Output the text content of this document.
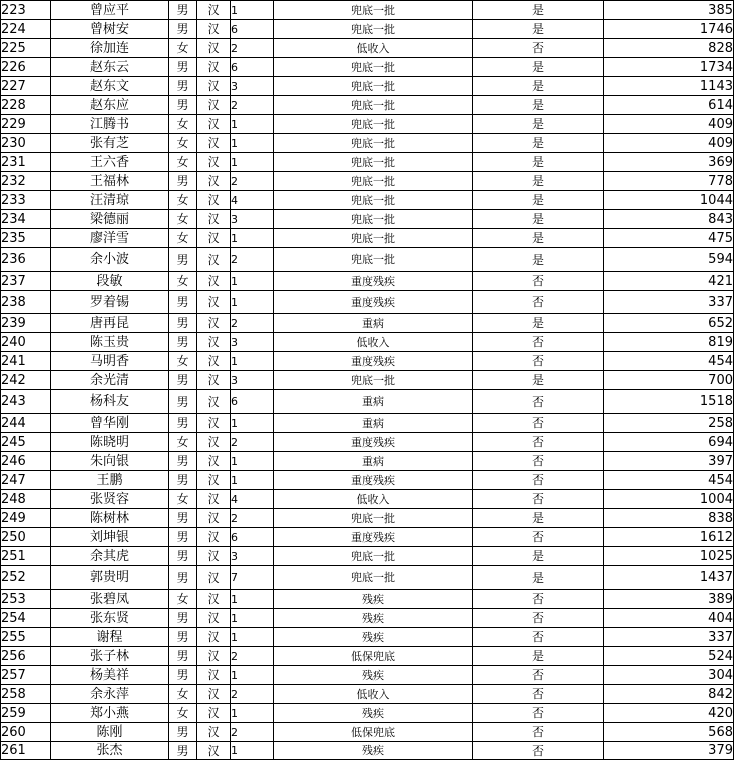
223	曾应平	男	汉	1	兜底一批	是	385
224	曾树安	男	汉	6	兜底一批	是	1746
225	徐加连	女	汉	2	低收入	否	828
226	赵东云	男	汉	6	兜底一批	是	1734
227	赵东文	男	汉	3	兜底一批	是	1143
228	赵东应	男	汉	2	兜底一批	是	614
229	江腾书	女	汉	1	兜底一批	是	409
230	张有芝	女	汉	1	兜底一批	是	409
231	王六香	女	汉	1	兜底一批	是	369
232	王福林	男	汉	2	兜底一批	是	778
233	汪清琼	女	汉	4	兜底一批	是	1044
234	梁德丽	女	汉	3	兜底一批	是	843
235	廖洋雪	女	汉	1	兜底一批	是	475
236	余小波	男	汉	2	兜底一批	是	594
237	段敏	女	汉	1	重度残疾	否	421
238	罗着锡	男	汉	1	重度残疾	否	337
239	唐再昆	男	汉	2	重病	是	652
240	陈玉贵	男	汉	3	低收入	否	819
241	马明香	女	汉	1	重度残疾	否	454
242	余光清	男	汉	3	兜底一批	是	700
243	杨科友	男	汉	6	重病	否	1518
244	曾华刚	男	汉	1	重病	否	258
245	陈晓明	女	汉	2	重度残疾	否	694
246	朱向银	男	汉	1	重病	否	397
247	王鹏	男	汉	1	重度残疾	否	454
248	张贤容	女	汉	4	低收入	否	1004
249	陈树林	男	汉	2	兜底一批	是	838
250	刘坤银	男	汉	6	重度残疾	否	1612
251	余其虎	男	汉	3	兜底一批	是	1025
252	郭贵明	男	汉	7	兜底一批	是	1437
253	张碧凤	女	汉	1	残疾	否	389
254	张东贤	男	汉	1	残疾	否	404
255	谢程	男	汉	1	残疾	否	337
256	张子林	男	汉	2	低保兜底	是	524
257	杨美祥	男	汉	1	残疾	否	304
258	余永萍	女	汉	2	低收入	否	842
259	郑小燕	女	汉	1	残疾	否	420
260	陈刚	男	汉	2	低保兜底	否	568
261	张杰	男	汉	1	残疾	否	379
